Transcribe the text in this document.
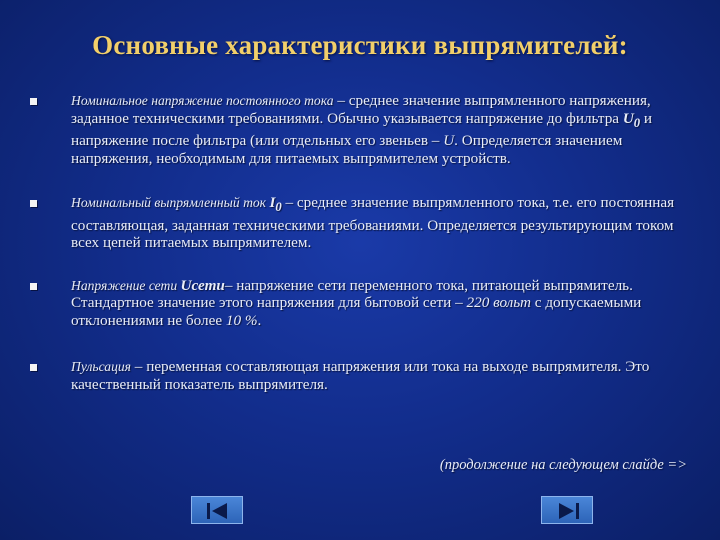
Основные характеристики выпрямителей:
Номинальное напряжение постоянного тока – среднее значение выпрямленного напряжения, заданное техническими требованиями. Обычно указывается напряжение до фильтра $U_0$ и напряжение после фильтра (или отдельных его звеньев – U. Определяется значением напряжения, необходимым для питаемых выпрямителем устройств.
Номинальный выпрямленный ток $I_0$ – среднее значение выпрямленного тока, т.е. его постоянная составляющая, заданная техническими требованиями. Определяется результирующим током всех цепей питаемых выпрямителем.
Напряжение сети Uсети– напряжение сети переменного тока, питающей выпрямитель. Стандартное значение этого напряжения для бытовой сети – 220 вольт с допускаемыми отклонениями не более 10 %.
Пульсация – переменная составляющая напряжения или тока на выходе выпрямителя. Это качественный показатель выпрямителя.
(продолжение на следующем слайде =>
